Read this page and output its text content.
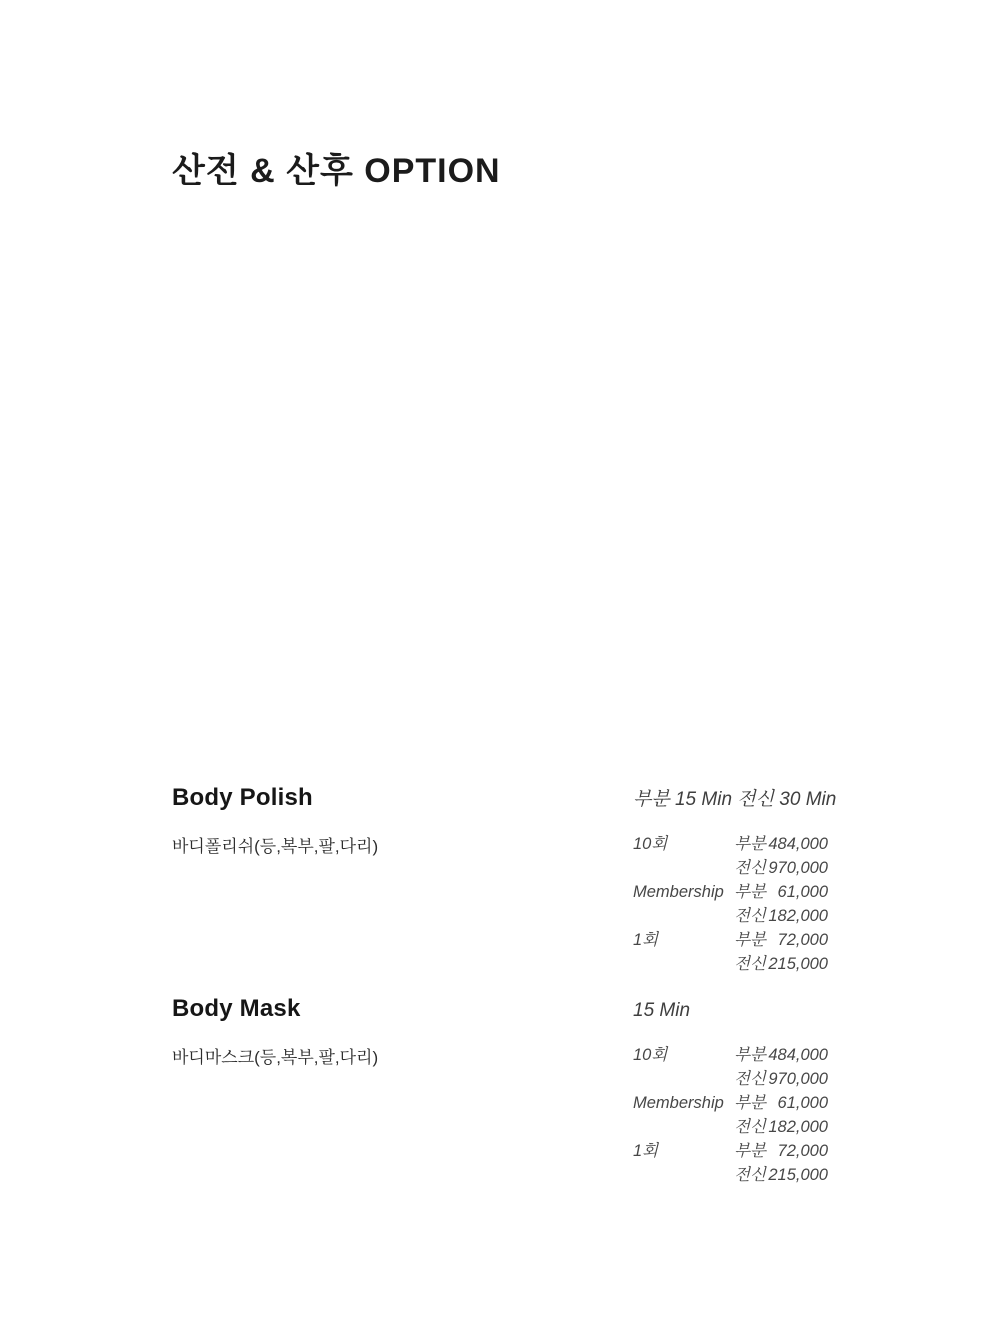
산전 & 산후 OPTION
Body Polish	부분 15 Min 전신 30 Min
바디폴리쉬(등,복부,팔,다리)	10회	부분 484,000
전신 970,000
Membership 부분 61,000
전신 182,000
1회	부분 72,000
전신 215,000
Body Mask	15 Min
바디마스크(등,복부,팔,다리)	10회	부분 484,000
전신 970,000
Membership 부분 61,000
전신 182,000
1회	부분 72,000
전신 215,000
